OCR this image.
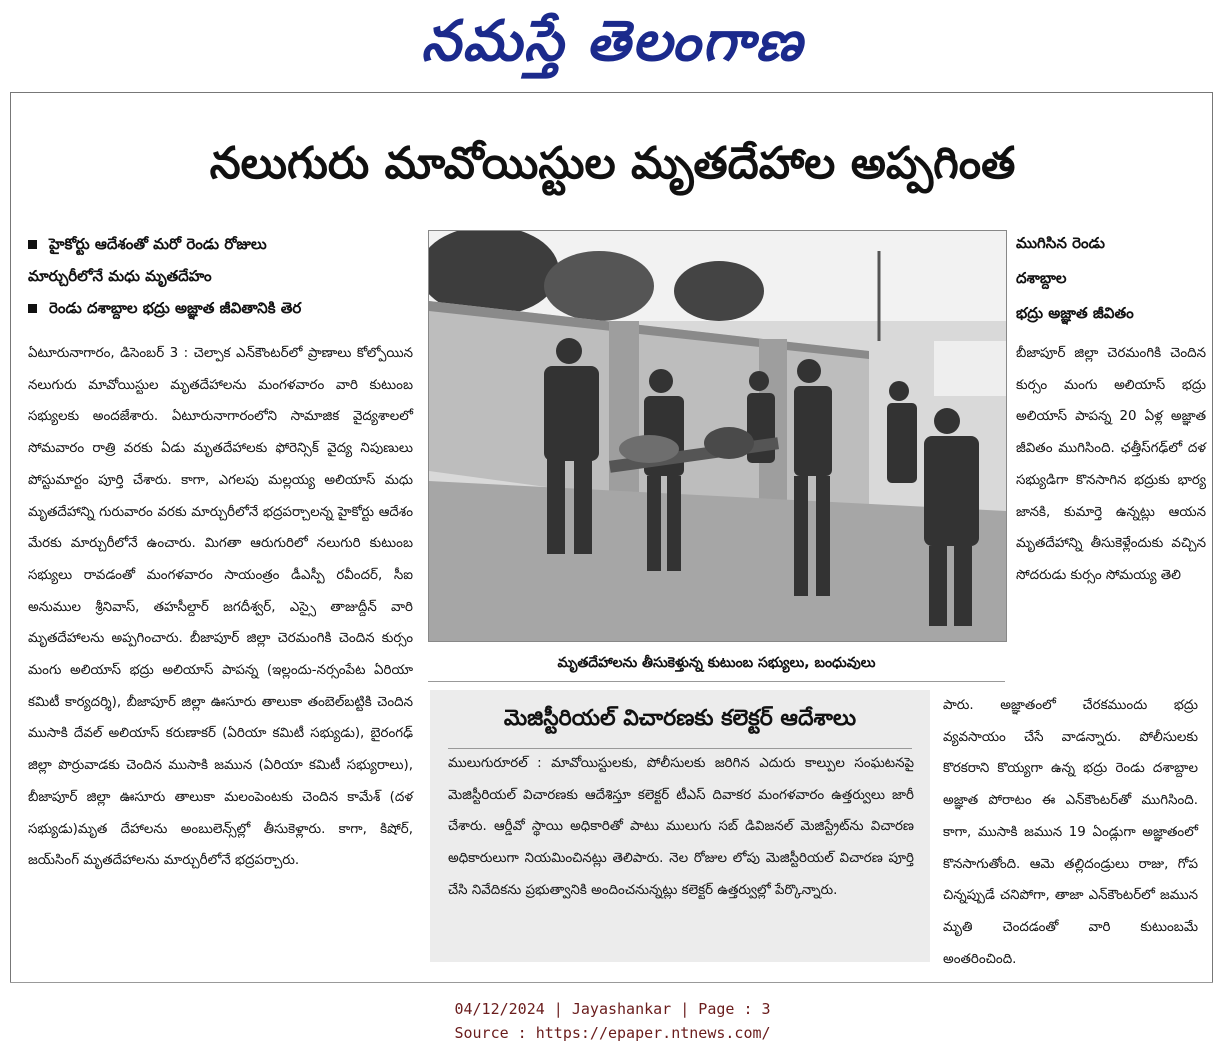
నమస్తే తెలంగాణ
నలుగురు మావోయిస్టుల మృతదేహాల అప్పగింత
హైకోర్టు ఆదేశంతో మరో రెండు రోజులు
మార్చురీలోనే మధు మృతదేహం
రెండు దశాబ్దాల భద్రు అజ్ఞాత జీవితానికి తెర

ఏటూరునాగారం, డిసెంబర్ 3 : చెల్పాక ఎన్‌కౌంటర్‌లో ప్రాణాలు కోల్పోయిన నలుగురు మావోయిస్టుల మృతదేహాలను మంగళవారం వారి కుటుంబ సభ్యులకు అందజేశారు. ఏటూరునాగారంలోని సామాజిక వైద్యశాలలో సోమవారం రాత్రి వరకు ఏడు మృతదేహాలకు ఫోరెన్సిక్ వైద్య నిపుణులు పోస్టుమార్టం పూర్తి చేశారు. కాగా, ఎగలపు మల్లయ్య అలియాస్ మధు మృతదేహాన్ని గురువారం వరకు మార్చురీలోనే భద్రపర్చాలన్న హైకోర్టు ఆదేశం మేరకు మార్చురీలోనే ఉంచారు. మిగతా ఆరుగురిలో నలుగురి కుటుంబ సభ్యులు రావడంతో మంగళవారం సాయంత్రం డీఎస్పీ రవీందర్, సీఐ అనుముల శ్రీనివాస్, తహసీల్దార్ జగదీశ్వర్, ఎస్సై తాజుద్దీన్ వారి మృతదేహాలను అప్పగించారు. బీజాపూర్ జిల్లా చెరమంగికి చెందిన కుర్సం మంగు అలియాస్ భద్రు అలియాస్ పాపన్న (ఇల్లందు-నర్సంపేట ఏరియా కమిటీ కార్యదర్శి), బీజాపూర్ జిల్లా ఊసూరు తాలుకా తంబెల్‌బట్టికి చెందిన ముసాకి దేవల్ అలియాస్ కరుణాకర్ (ఏరియా కమిటీ సభ్యుడు), బైరంగఢ్ జిల్లా పొర్రువాడకు చెందిన ముసాకి జమున (ఏరియా కమిటీ సభ్యురాలు), బీజాపూర్ జిల్లా ఊసూరు తాలుకా మలంపెంటకు చెందిన కామేశ్ (దళ సభ్యుడు)మృత దేహాలను అంబులెన్స్‌ల్లో తీసుకెళ్లారు. కాగా, కిషోర్, జయ్‌సింగ్ మృతదేహాలను మార్చురీలోనే భద్రపర్చారు.

మృతదేహాలను తీసుకెళ్తున్న కుటుంబ సభ్యులు, బంధువులు
ముగిసిన రెండు
దశాబ్దాల
భద్రు అజ్ఞాత జీవితం

బీజాపూర్ జిల్లా చెరమంగికి చెందిన కుర్సం మంగు అలియాస్ భద్రు అలియాస్ పాపన్న 20 ఏళ్ల అజ్ఞాత జీవితం ముగిసింది. ఛత్తీస్‌గఢ్‌లో దళ సభ్యుడిగా కొనసాగిన భద్రుకు భార్య జానకి, కుమార్తె ఉన్నట్లు ఆయన మృతదేహాన్ని తీసుకెళ్లేందుకు వచ్చిన సోదరుడు కుర్సం సోమయ్య తెలి

పారు. అజ్ఞాతంలో చేరకముందు భద్రు వ్యవసాయం చేసే వాడన్నారు. పోలీసులకు కొరకరాని కొయ్యగా ఉన్న భద్రు రెండు దశాబ్దాల అజ్ఞాత పోరాటం ఈ ఎన్‌కౌంటర్‌తో ముగిసింది. కాగా, ముసాకి జమున 19 ఏండ్లుగా అజ్ఞాతంలో కొనసాగుతోంది. ఆమె తల్లిదండ్రులు రాజు, గోప చిన్నప్పుడే చనిపోగా, తాజా ఎన్‌కౌంటర్‌లో జమున మృతి చెందడంతో వారి కుటుంబమే అంతరించింది.

మెజిస్టీరియల్ విచారణకు కలెక్టర్ ఆదేశాలు

ములుగురూరల్ : మావోయిస్టులకు, పోలీసులకు జరిగిన ఎదురు కాల్పుల సంఘటనపై మెజిస్టీరియల్ విచారణకు ఆదేశిస్తూ కలెక్టర్ టీఎస్ దివాకర మంగళవారం ఉత్తర్వులు జారీ చేశారు. ఆర్డీవో స్థాయి అధికారితో పాటు ములుగు సబ్ డివిజనల్ మెజిస్ట్రేట్‌ను విచారణ అధికారులుగా నియమించినట్లు తెలిపారు. నెల రోజుల లోపు మెజిస్టీరియల్ విచారణ పూర్తి చేసి నివేదికను ప్రభుత్వానికి అందించనున్నట్లు కలెక్టర్ ఉత్తర్వుల్లో పేర్కొన్నారు.

04/12/2024 | Jayashankar | Page : 3
Source : https://epaper.ntnews.com/
